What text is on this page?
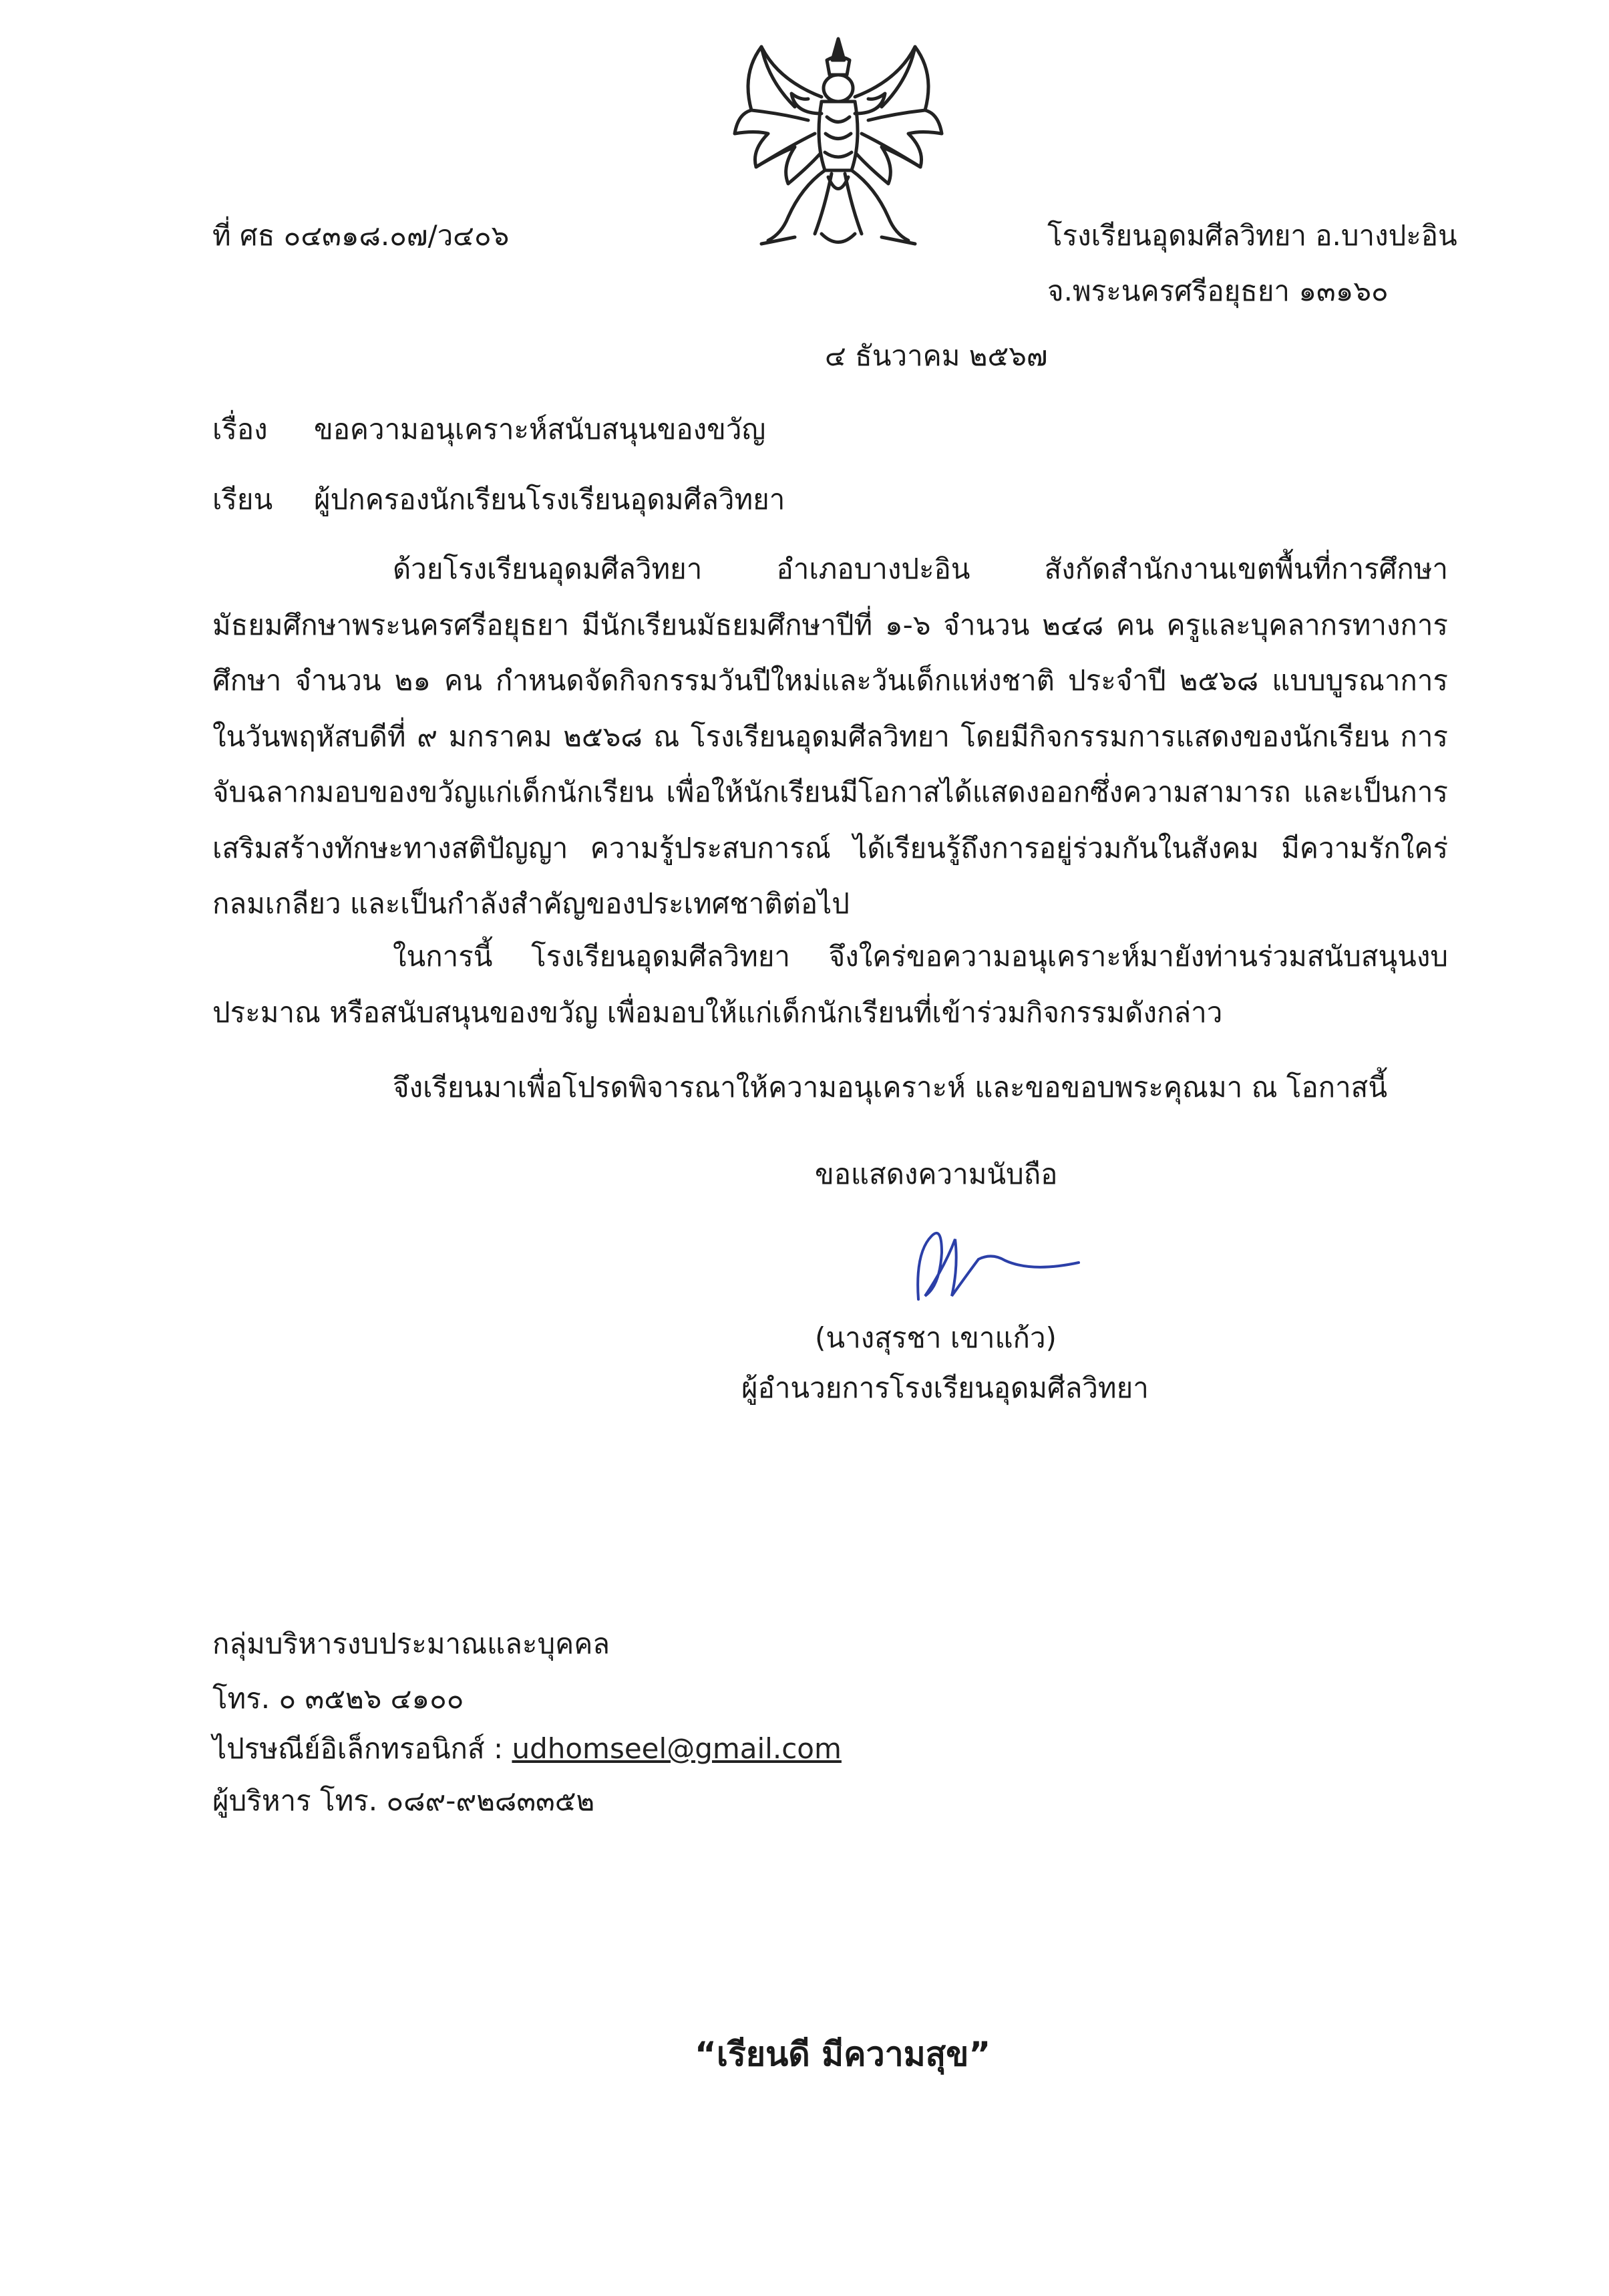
ที่ ศธ ๐๔๓๑๘.๐๗/ว๔๐๖	โรงเรียนอุดมศีลวิทยา อ.บางปะอิน
จ.พระนครศรีอยุธยา ๑๓๑๖๐
๔ ธันวาคม ๒๕๖๗
เรื่อง ขอความอนุเคราะห์สนับสนุนของขวัญ
เรียน ผู้ปกครองนักเรียนโรงเรียนอุดมศีลวิทยา
ด้วยโรงเรียนอุดมศีลวิทยา อำเภอบางปะอิน สังกัดสำนักงานเขตพื้นที่การศึกษามัธยมศึกษาพระนครศรีอยุธยา มีนักเรียนมัธยมศึกษาปีที่ ๑-๖ จำนวน ๒๔๘ คน ครูและบุคลากรทางการศึกษา จำนวน ๒๑ คน กำหนดจัดกิจกรรมวันปีใหม่และวันเด็กแห่งชาติ ประจำปี ๒๕๖๘ แบบบูรณาการในวันพฤหัสบดีที่ ๙ มกราคม ๒๕๖๘ ณ โรงเรียนอุดมศีลวิทยา โดยมีกิจกรรมการแสดงของนักเรียน การจับฉลากมอบของขวัญแก่เด็กนักเรียน เพื่อให้นักเรียนมีโอกาสได้แสดงออกซึ่งความสามารถ และเป็นการเสริมสร้างทักษะทางสติปัญญา ความรู้ประสบการณ์ ได้เรียนรู้ถึงการอยู่ร่วมกันในสังคม มีความรักใคร่กลมเกลียว และเป็นกำลังสำคัญของประเทศชาติต่อไป
ในการนี้ โรงเรียนอุดมศีลวิทยา จึงใคร่ขอความอนุเคราะห์มายังท่านร่วมสนับสนุนงบประมาณ หรือสนับสนุนของขวัญ เพื่อมอบให้แก่เด็กนักเรียนที่เข้าร่วมกิจกรรมดังกล่าว
จึงเรียนมาเพื่อโปรดพิจารณาให้ความอนุเคราะห์ และขอขอบพระคุณมา ณ โอกาสนี้
ขอแสดงความนับถือ
(นางสุรชา เขาแก้ว)
ผู้อำนวยการโรงเรียนอุดมศีลวิทยา
กลุ่มบริหารงบประมาณและบุคคล
โทร. ๐ ๓๕๒๖ ๔๑๐๐
ไปรษณีย์อิเล็กทรอนิกส์ : udhomseel@gmail.com
ผู้บริหาร โทร. ๐๘๙-๙๒๘๓๓๕๒
“เรียนดี มีความสุข”
